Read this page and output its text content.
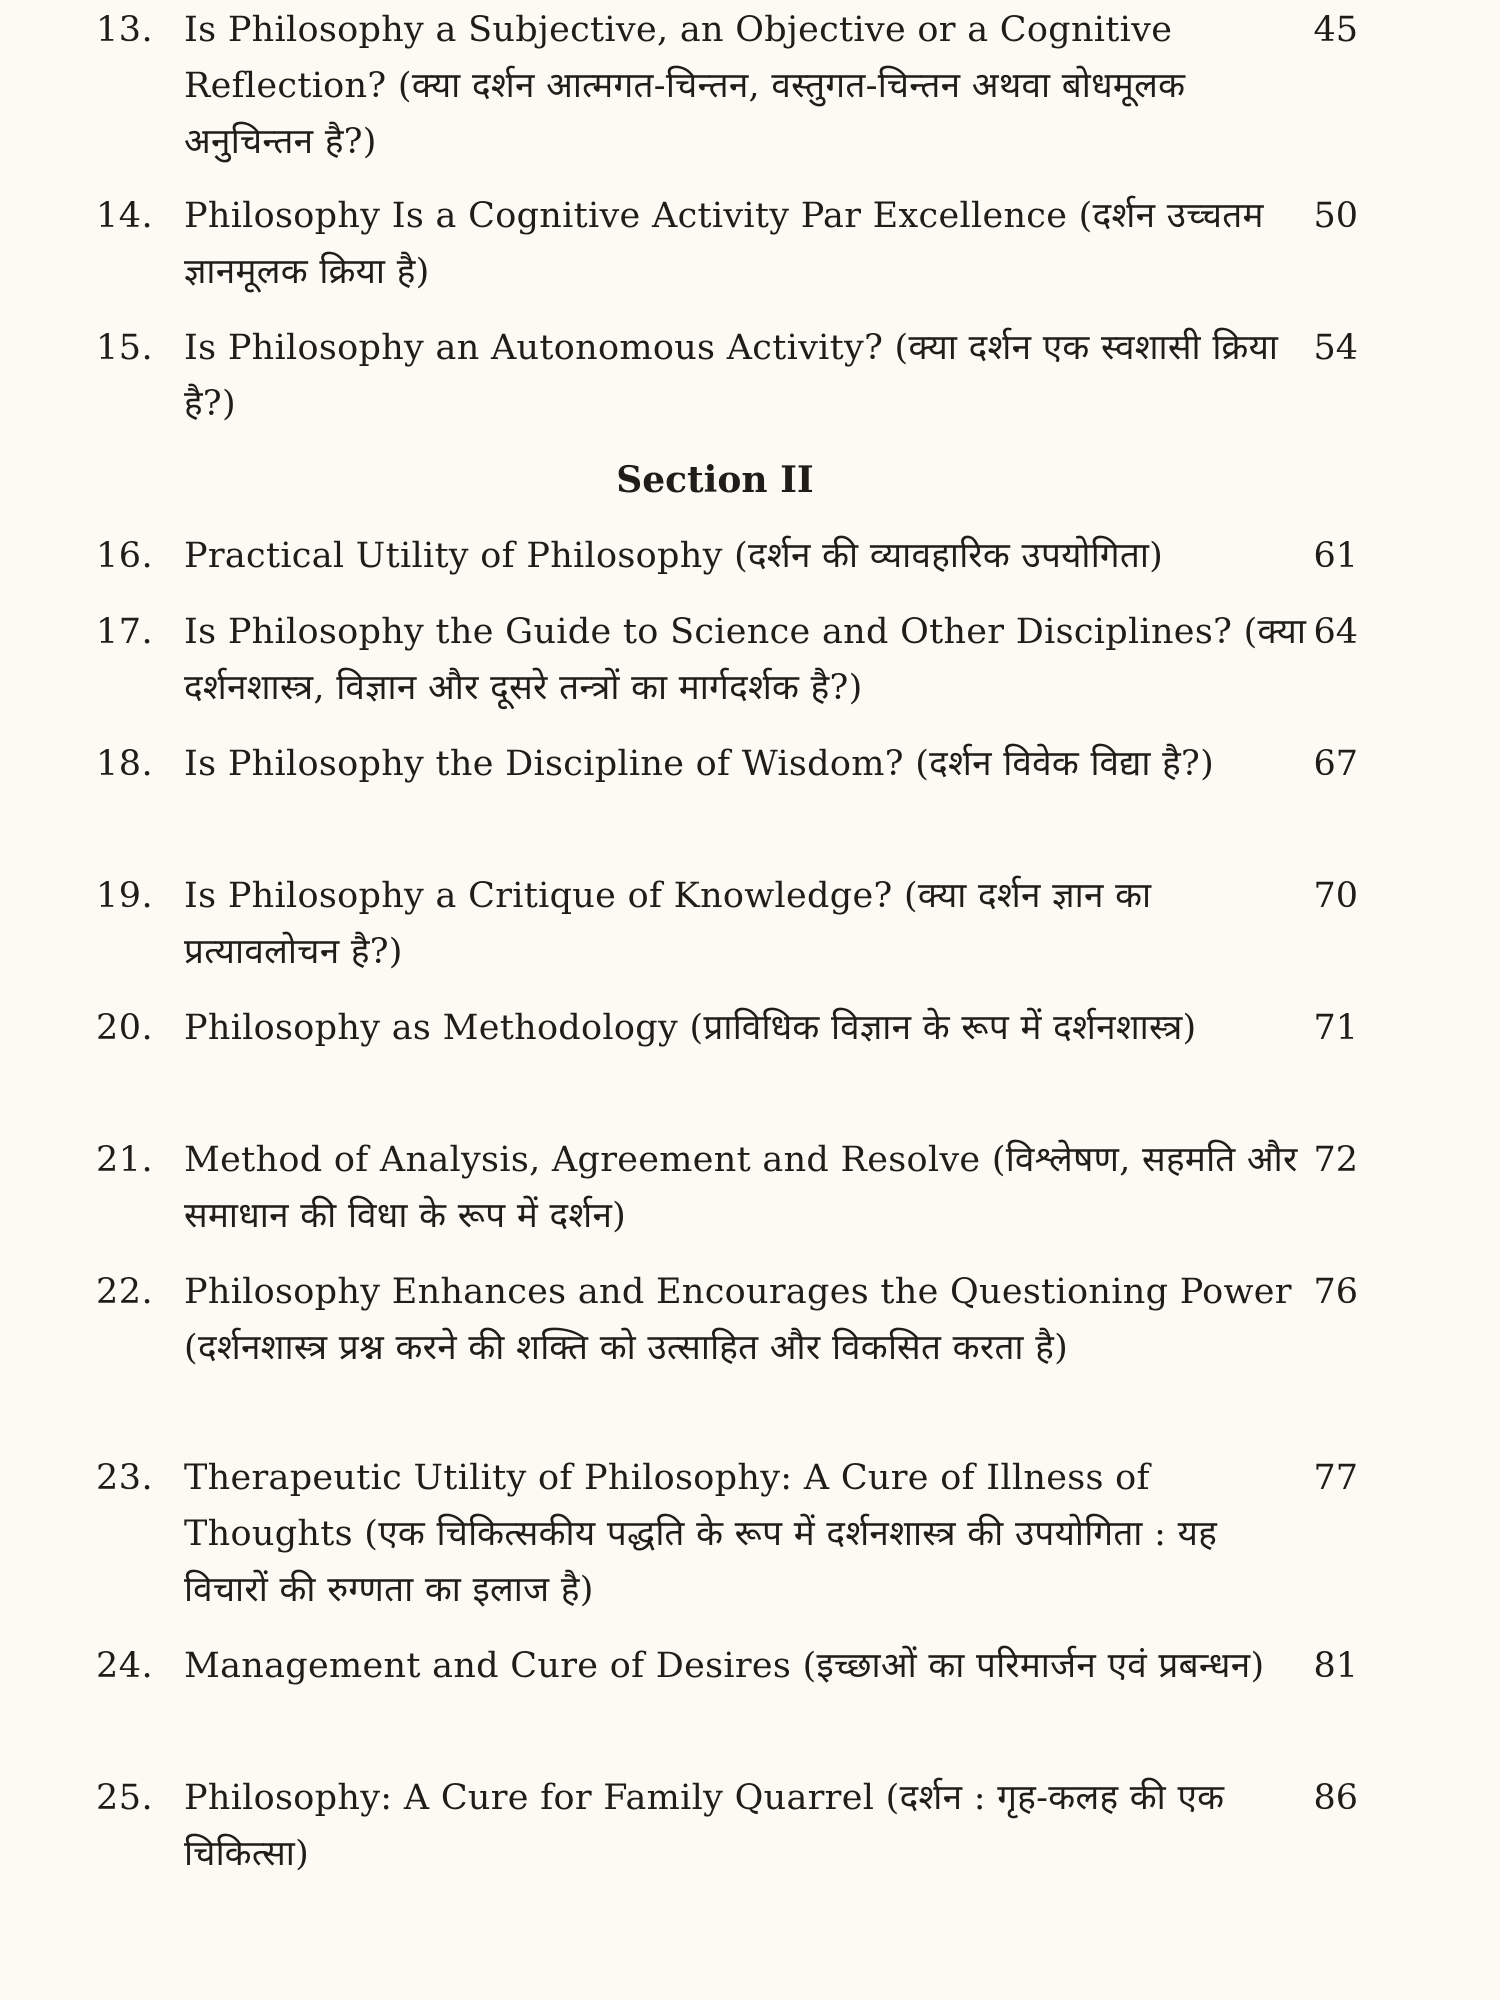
13. Is Philosophy a Subjective, an Objective or a Cognitive Reflection? (क्या दर्शन आत्मगत-चिन्तन, वस्तुगत-चिन्तन अथवा बोधमूलक अनुचिन्तन है?)
45
14. Philosophy Is a Cognitive Activity Par Excellence (दर्शन उच्चतम ज्ञानमूलक क्रिया है)
50
15. Is Philosophy an Autonomous Activity? (क्या दर्शन एक स्वशासी क्रिया है?)
54
Section II
16. Practical Utility of Philosophy (दर्शन की व्यावहारिक उपयोगिता)	61
17. Is Philosophy the Guide to Science and Other Disciplines? (क्या दर्शनशास्त्र, विज्ञान और दूसरे तन्त्रों का मार्गदर्शक है?)
64
18. Is Philosophy the Discipline of Wisdom? (दर्शन विवेक विद्या है?)	67
19. Is Philosophy a Critique of Knowledge? (क्या दर्शन ज्ञान का प्रत्यावलोचन है?)
70
20. Philosophy as Methodology (प्राविधिक विज्ञान के रूप में दर्शनशास्त्र)	71
21. Method of Analysis, Agreement and Resolve (विश्लेषण, सहमति और समाधान की विधा के रूप में दर्शन)
72
22. Philosophy Enhances and Encourages the Questioning Power (दर्शनशास्त्र प्रश्न करने की शक्ति को उत्साहित और विकसित करता है)
76
23. Therapeutic Utility of Philosophy: A Cure of Illness of Thoughts (एक चिकित्सकीय पद्धति के रूप में दर्शनशास्त्र की उपयोगिता : यह विचारों की रुग्णता का इलाज है)
77
24. Management and Cure of Desires (इच्छाओं का परिमार्जन एवं प्रबन्धन)	81
25. Philosophy: A Cure for Family Quarrel (दर्शन : गृह-कलह की एक चिकित्सा)
86
